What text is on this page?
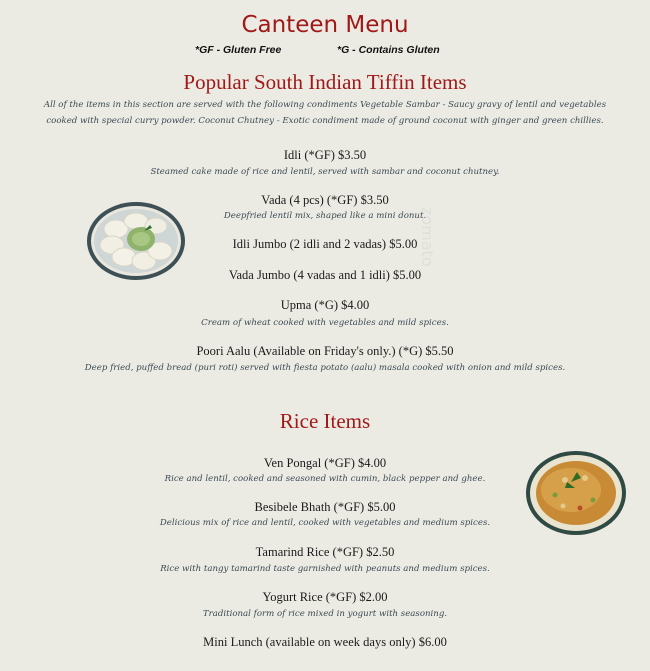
Canteen Menu
*GF - Gluten Free	*G - Contains Gluten
Popular South Indian Tiffin Items
All of the items in this section are served with the following condiments Vegetable Sambar - Saucy gravy of lentil and vegetables
cooked with special curry powder. Coconut Chutney - Exotic condiment made of ground coconut with ginger and green chillies.
Idli (*GF) $3.50
Steamed cake made of rice and lentil, served with sambar and coconut chutney.
Vada (4 pcs) (*GF) $3.50
Deepfried lentil mix, shaped like a mini donut.
Idli Jumbo (2 idli and 2 vadas) $5.00
Vada Jumbo (4 vadas and 1 idli) $5.00
Upma (*G) $4.00
Cream of wheat cooked with vegetables and mild spices.
Poori Aalu (Available on Friday's only.) (*G) $5.50
Deep fried, puffed bread (puri roti) served with fiesta potato (aalu) masala cooked with onion and mild spices.
Rice Items
Ven Pongal (*GF) $4.00
Rice and lentil, cooked and seasoned with cumin, black pepper and ghee.
Besibele Bhath (*GF) $5.00
Delicious mix of rice and lentil, cooked with vegetables and medium spices.
Tamarind Rice (*GF) $2.50
Rice with tangy tamarind taste garnished with peanuts and medium spices.
Yogurt Rice (*GF) $2.00
Traditional form of rice mixed in yogurt with seasoning.
Mini Lunch (available on week days only) $6.00
zomato
